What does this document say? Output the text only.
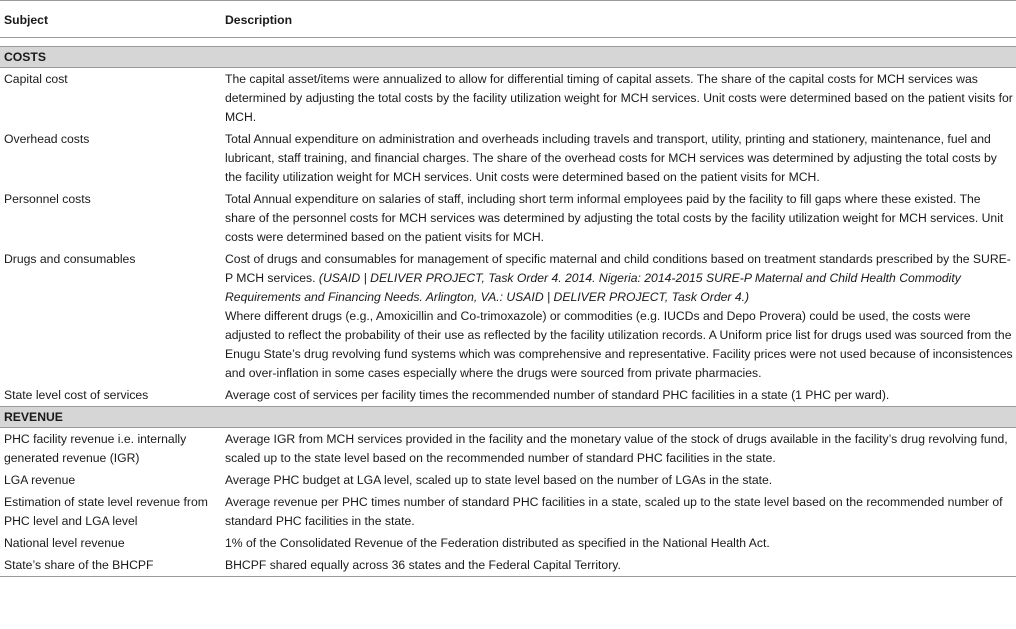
Subject	Description

COSTS	
Capital cost	The capital asset/items were annualized to allow for differential timing of capital assets. The share of the capital costs for MCH services was determined by adjusting the total costs by the facility utilization weight for MCH services. Unit costs were determined based on the patient visits for MCH.
Overhead costs	Total Annual expenditure on administration and overheads including travels and transport, utility, printing and stationery, maintenance, fuel and lubricant, staff training, and financial charges. The share of the overhead costs for MCH services was determined by adjusting the total costs by the facility utilization weight for MCH services. Unit costs were determined based on the patient visits for MCH.
Personnel costs	Total Annual expenditure on salaries of staff, including short term informal employees paid by the facility to fill gaps where these existed. The share of the personnel costs for MCH services was determined by adjusting the total costs by the facility utilization weight for MCH services. Unit costs were determined based on the patient visits for MCH.
Drugs and consumables	Cost of drugs and consumables for management of specific maternal and child conditions based on treatment standards prescribed by the SURE-P MCH services. (USAID | DELIVER PROJECT, Task Order 4. 2014. Nigeria: 2014-2015 SURE-P Maternal and Child Health Commodity Requirements and Financing Needs. Arlington, VA.: USAID | DELIVER PROJECT, Task Order 4.)
Where different drugs (e.g., Amoxicillin and Co-trimoxazole) or commodities (e.g. IUCDs and Depo Provera) could be used, the costs were adjusted to reflect the probability of their use as reflected by the facility utilization records. A Uniform price list for drugs used was sourced from the Enugu State’s drug revolving fund systems which was comprehensive and representative. Facility prices were not used because of inconsistences and over-inflation in some cases especially where the drugs were sourced from private pharmacies.

State level cost of services	Average cost of services per facility times the recommended number of standard PHC facilities in a state (1 PHC per ward).
REVENUE	
PHC facility revenue i.e. internally generated revenue (IGR)	Average IGR from MCH services provided in the facility and the monetary value of the stock of drugs available in the facility’s drug revolving fund, scaled up to the state level based on the recommended number of standard PHC facilities in the state.
LGA revenue	Average PHC budget at LGA level, scaled up to state level based on the number of LGAs in the state.
Estimation of state level revenue from PHC level and LGA level	Average revenue per PHC times number of standard PHC facilities in a state, scaled up to the state level based on the recommended number of standard PHC facilities in the state.
National level revenue	1% of the Consolidated Revenue of the Federation distributed as specified in the National Health Act.
State’s share of the BHCPF	BHCPF shared equally across 36 states and the Federal Capital Territory.
